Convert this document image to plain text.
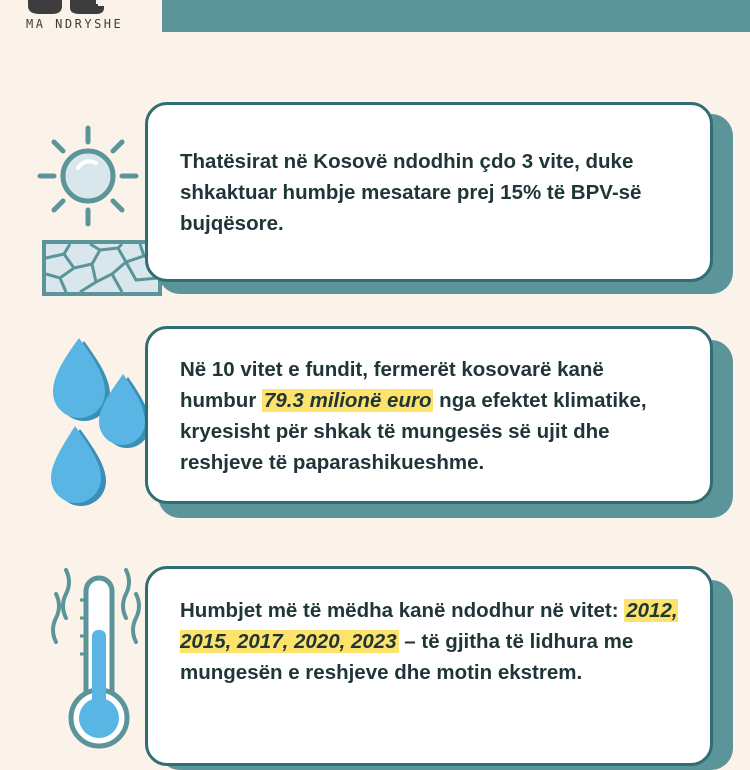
MA NDRYSHE

Thatësirat në Kosovë ndodhin çdo 3 vite, duke shkaktuar humbje mesatare prej 15% të BPV-së bujqësore.

Në 10 vitet e fundit, fermerët kosovarë kanë humbur 79.3 milionë euro nga efektet klimatike, kryesisht për shkak të mungesës së ujit dhe reshjeve të paparashikueshme.

Humbjet më të mëdha kanë ndodhur në vitet: 2012, 2015, 2017, 2020, 2023 – të gjitha të lidhura me mungesën e reshjeve dhe motin ekstrem.
